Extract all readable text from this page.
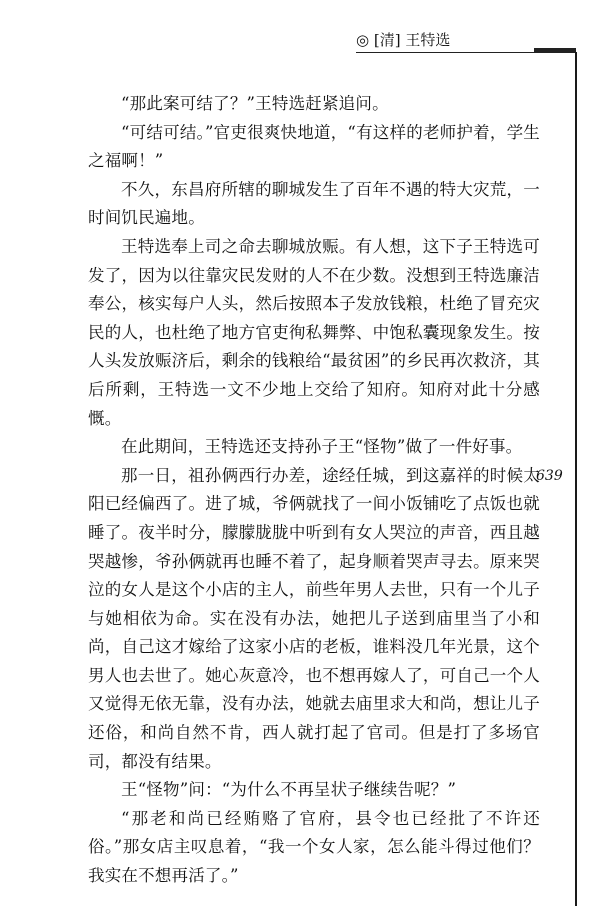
◎ [清] 王特选
639

“那此案可结了？”王特选赶紧追问。

“可结可结。”官吏很爽快地道，“有这样的老师护着，学生之福啊！”

不久，东昌府所辖的聊城发生了百年不遇的特大灾荒，一时间饥民遍地。

王特选奉上司之命去聊城放赈。有人想，这下子王特选可发了，因为以往靠灾民发财的人不在少数。没想到王特选廉洁奉公，核实每户人头，然后按照本子发放钱粮，杜绝了冒充灾民的人，也杜绝了地方官吏徇私舞弊、中饱私囊现象发生。按人头发放赈济后，剩余的钱粮给“最贫困”的乡民再次救济，其后所剩，王特选一文不少地上交给了知府。知府对此十分感慨。

在此期间，王特选还支持孙子王“怪物”做了一件好事。

那一日，祖孙俩西行办差，途经任城，到这嘉祥的时候太阳已经偏西了。进了城，爷俩就找了一间小饭铺吃了点饭也就睡了。夜半时分，朦朦胧胧中听到有女人哭泣的声音，西且越哭越惨，爷孙俩就再也睡不着了，起身顺着哭声寻去。原来哭泣的女人是这个小店的主人，前些年男人去世，只有一个儿子与她相依为命。实在没有办法，她把儿子送到庙里当了小和尚，自己这才嫁给了这家小店的老板，谁料没几年光景，这个男人也去世了。她心灰意冷，也不想再嫁人了，可自己一个人又觉得无依无靠，没有办法，她就去庙里求大和尚，想让儿子还俗，和尚自然不肯，西人就打起了官司。但是打了多场官司，都没有结果。

王“怪物”问：“为什么不再呈状子继续告呢？”

“那老和尚已经贿赂了官府，县令也已经批了不许还俗。”那女店主叹息着，“我一个女人家，怎么能斗得过他们？我实在不想再活了。”
